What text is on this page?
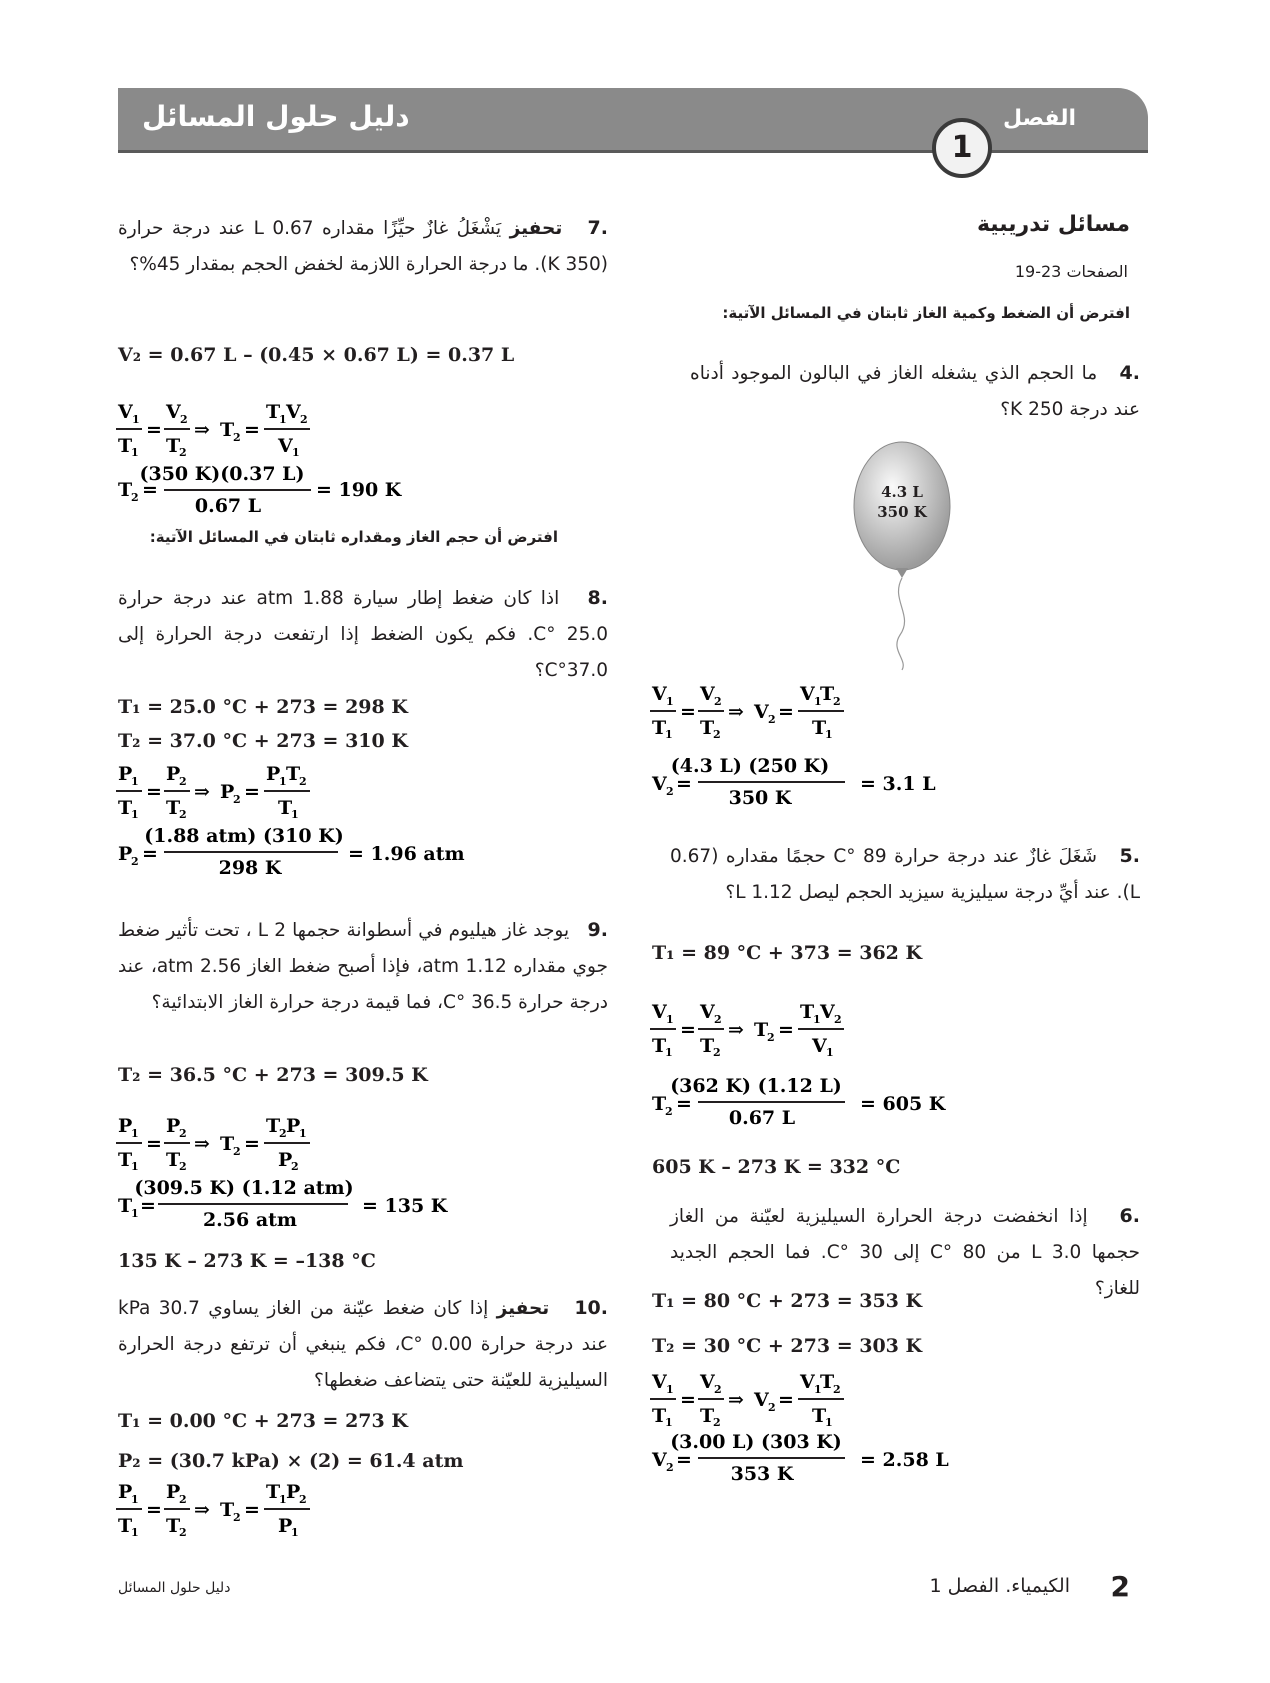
دليل حلول المسائل	الفصل
1
مسائل تدريبية
الصفحات 23-19
افترض أن الضغط وكمية الغاز ثابتان في المسائل الآتية:
.4   ما الحجم الذي يشغله الغاز في البالون الموجود أدناه عند درجة 250 K؟
4.3 L
350 K
V 1
T
1
=
V 2
T
2
⇒ V 2 =
V 1
T
2
T
1
V 2 =
(4.3 L) (250 K)
350 K
= 3.1 L
.5   شَغَلَ غازٌ عند درجة حرارة 89 °C حجمًا مقداره (0.67 L). عند أيِّ درجة سيليزية سيزيد الحجم ليصل 1.12 L؟
T₁ = 89 °C + 373 = 362 K
V 1
T
1
=
V 2
T
2
⇒ T
2 =
T
1 V 2
V 1
T
2 =
(362 K) (1.12 L)
0.67 L
= 605 K
605 K – 273 K = 332 °C
.6   إذا انخفضت درجة الحرارة السيليزية لعيّنة من الغاز حجمها 3.0 L من 80 °C إلى 30 °C. فما الحجم الجديد للغاز؟
T₁ = 80 °C + 273 = 353 K
T₂ = 30 °C + 273 = 303 K
V 1
T
1
=
V 2
T
2
⇒ V 2 =
V 1
T
2
T
1
V 2 =
(3.00 L) (303 K)
353 K
= 2.58 L
.7   تحفيز يَشْغَلُ غازٌ حيِّزًا مقداره 0.67 L عند درجة حرارة (350 K). ما درجة الحرارة اللازمة لخفض الحجم بمقدار 45%؟
V₂ = 0.67 L – (0.45 × 0.67 L) = 0.37 L
V 1
T
1
=
V 2
T
2
⇒ T
2 =
T
1 V 2
V 1
T
2 =
(350 K)(0.37 L)
0.67 L
= 190 K
افترض أن حجم الغاز ومقداره ثابتان في المسائل الآتية:
.8   اذا كان ضغط إطار سيارة 1.88 atm عند درجة حرارة 25.0 °C. فكم يكون الضغط إذا ارتفعت درجة الحرارة إلى 37.0°C؟
T₁ = 25.0 °C + 273 = 298 K
T₂ = 37.0 °C + 273 = 310 K
P
1
T
1
=
P
2
T
2
⇒ P
2 =
P
1 T
2
T
1
P
2 =
(1.88 atm) (310 K)
298 K
= 1.96 atm
.9   يوجد غاز هيليوم في أسطوانة حجمها 2 L ، تحت تأثير ضغط جوي مقداره 1.12 atm، فإذا أصبح ضغط الغاز 2.56 atm، عند درجة حرارة 36.5 °C، فما قيمة درجة حرارة الغاز الابتدائية؟
T₂ = 36.5 °C + 273 = 309.5 K
P
1
T
1
=
P
2
T
2
⇒ T
2 =
T
2 P
1
P
2
T
1 =
(309.5 K) (1.12 atm)
2.56 atm
= 135 K
135 K – 273 K = –138 °C
.10   تحفيز إذا كان ضغط عيّنة من الغاز يساوي 30.7 kPa عند درجة حرارة 0.00 °C، فكم ينبغي أن ترتفع درجة الحرارة السيليزية للعيّنة حتى يتضاعف ضغطها؟
T₁ = 0.00 °C + 273 = 273 K
P₂ = (30.7 kPa) × (2) = 61.4 atm
P
1
T
1
=
P
2
T
2
⇒ T
2 =
T
1 P
2
P
1
2
الكيمياء. الفصل 1
دليل حلول المسائل
